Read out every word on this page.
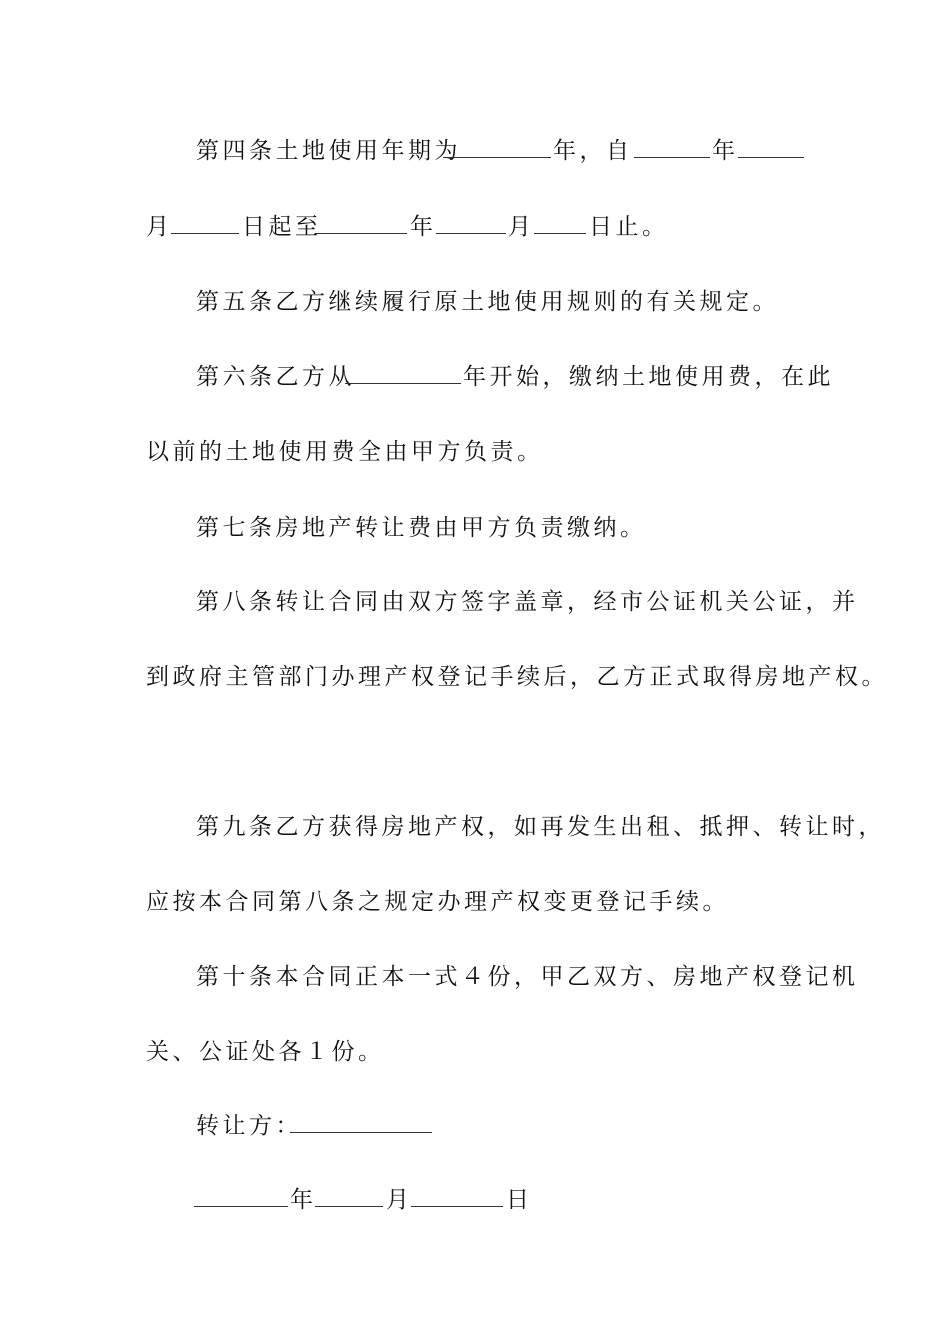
第四条土地使用年期为	年，自	年
月	日起至	年	月 日止。
第五条乙方继续履行原土地使用规则的有关规定。
第六条乙方从	年开始，缴纳土地使用费，在此
以前的土地使用费全由甲方负责。
第七条房地产转让费由甲方负责缴纳。
第八条转让合同由双方签字盖章，经市公证机关公证，并
到政府主管部门办理产权登记手续后，乙方正式取得房地产权。
第九条乙方获得房地产权，如再发生出租、抵押、转让时，
应按本合同第八条之规定办理产权变更登记手续。
第十条本合同正本一式４份，甲乙双方、房地产权登记机
关、公证处各１份。
转让方：
年	月	日
